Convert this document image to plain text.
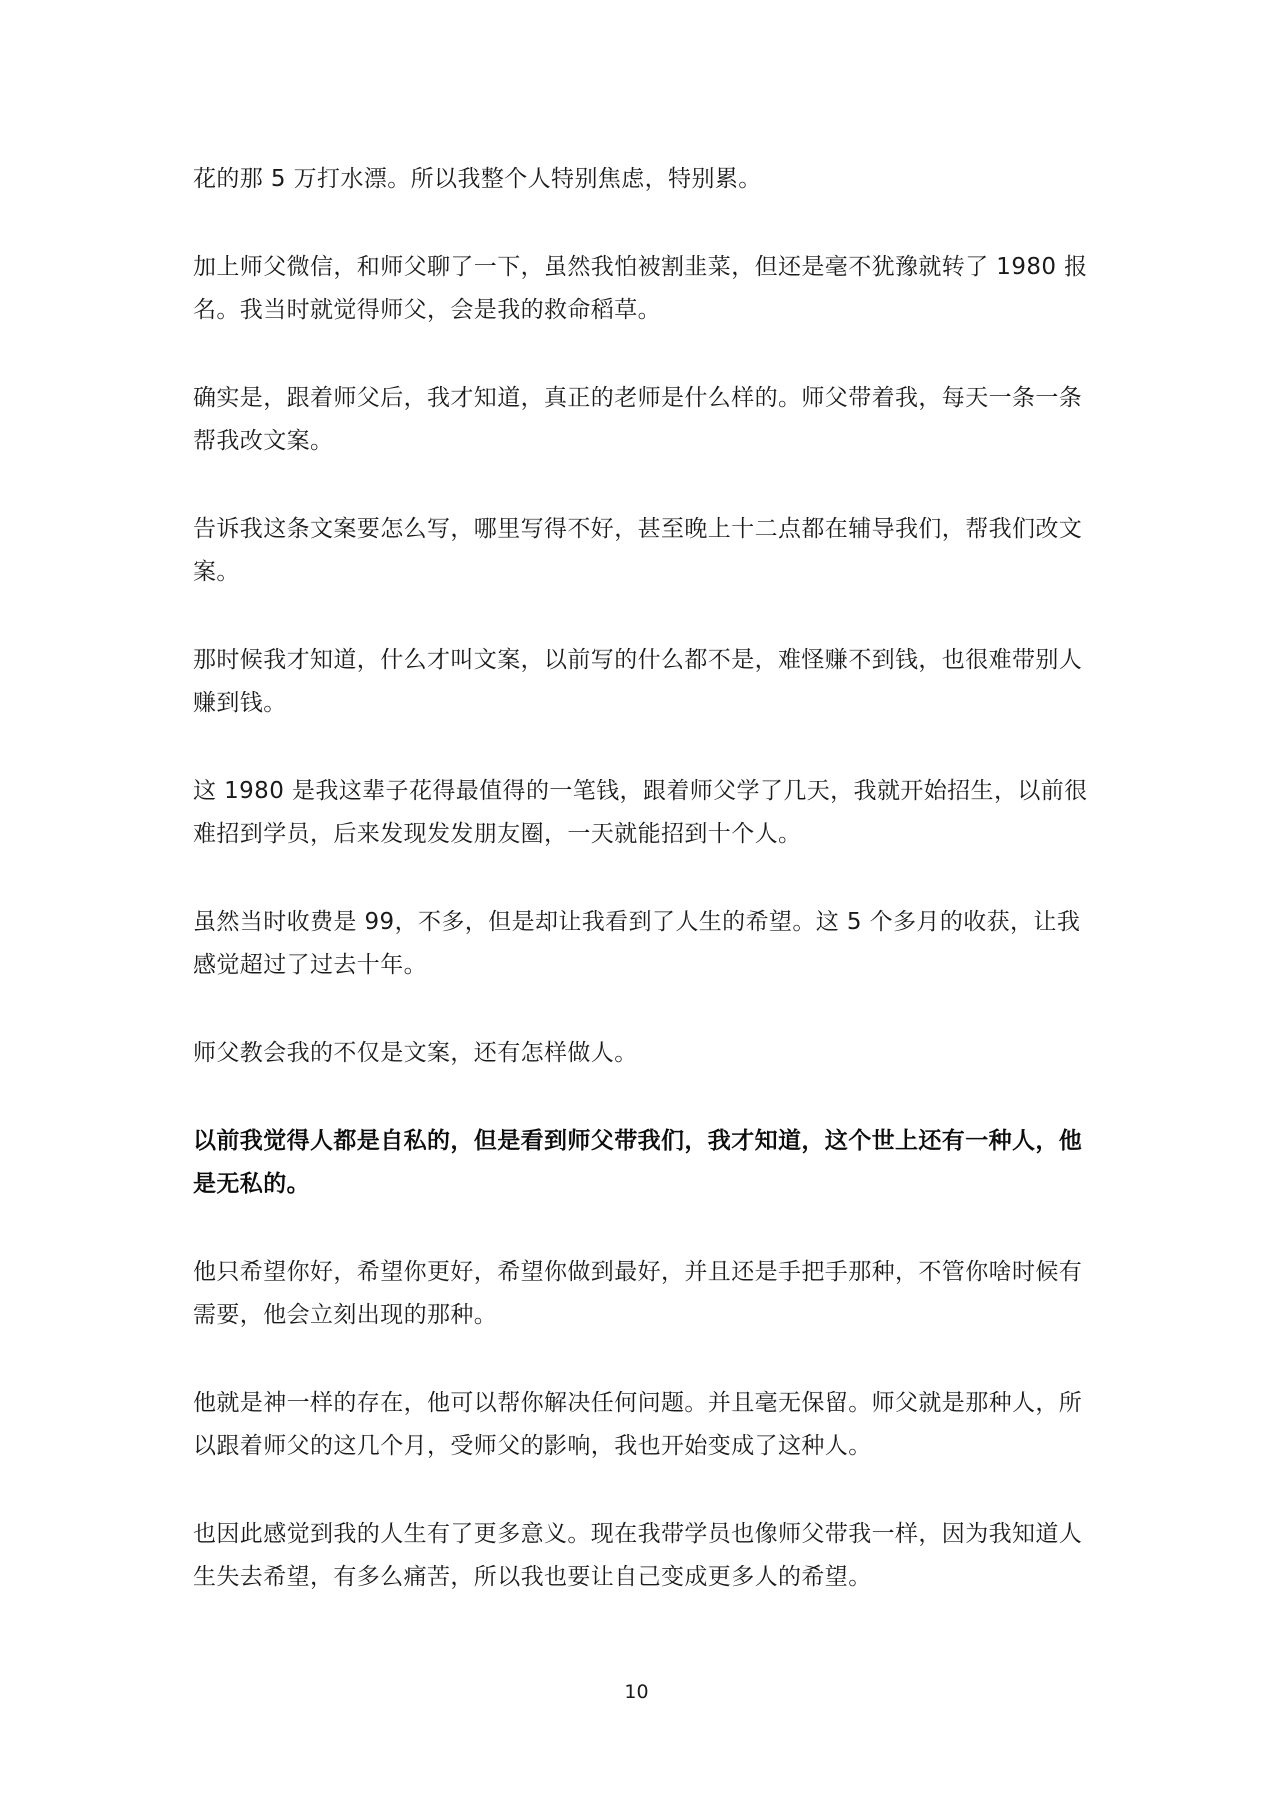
花的那 5 万打水漂。所以我整个人特别焦虑，特别累。

加上师父微信，和师父聊了一下，虽然我怕被割韭菜，但还是毫不犹豫就转了 1980 报名。我当时就觉得师父，会是我的救命稻草。

确实是，跟着师父后，我才知道，真正的老师是什么样的。师父带着我，每天一条一条帮我改文案。

告诉我这条文案要怎么写，哪里写得不好，甚至晚上十二点都在辅导我们，帮我们改文案。

那时候我才知道，什么才叫文案，以前写的什么都不是，难怪赚不到钱，也很难带别人赚到钱。

这 1980 是我这辈子花得最值得的一笔钱，跟着师父学了几天，我就开始招生，以前很难招到学员，后来发现发发朋友圈，一天就能招到十个人。

虽然当时收费是 99，不多，但是却让我看到了人生的希望。这 5 个多月的收获，让我感觉超过了过去十年。

师父教会我的不仅是文案，还有怎样做人。

以前我觉得人都是自私的，但是看到师父带我们，我才知道，这个世上还有一种人，他是无私的。

他只希望你好，希望你更好，希望你做到最好，并且还是手把手那种，不管你啥时候有需要，他会立刻出现的那种。

他就是神一样的存在，他可以帮你解决任何问题。并且毫无保留。师父就是那种人，所以跟着师父的这几个月，受师父的影响，我也开始变成了这种人。

也因此感觉到我的人生有了更多意义。现在我带学员也像师父带我一样，因为我知道人生失去希望，有多么痛苦，所以我也要让自己变成更多人的希望。

10
